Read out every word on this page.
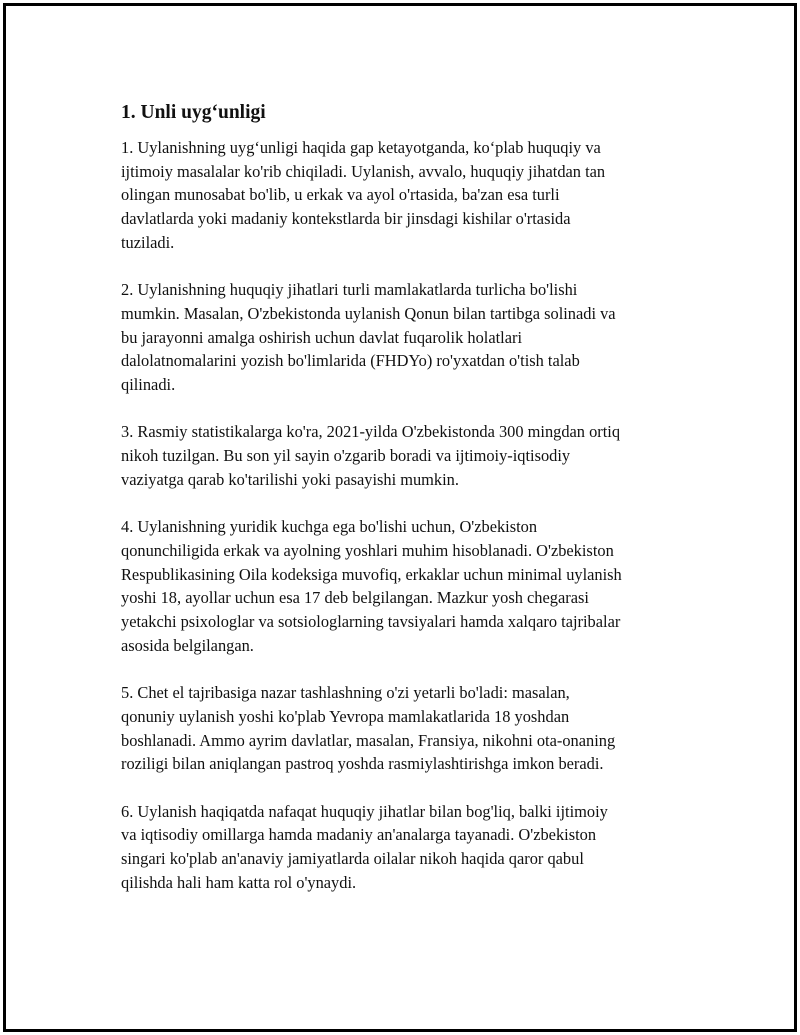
1. Unli uyg‘unligi

1. Uylanishning uyg‘unligi haqida gap ketayotganda, ko‘plab huquqiy va
ijtimoiy masalalar ko'rib chiqiladi. Uylanish, avvalo, huquqiy jihatdan tan
olingan munosabat bo'lib, u erkak va ayol o'rtasida, ba'zan esa turli
davlatlarda yoki madaniy kontekstlarda bir jinsdagi kishilar o'rtasida
tuziladi.

2. Uylanishning huquqiy jihatlari turli mamlakatlarda turlicha bo'lishi
mumkin. Masalan, O'zbekistonda uylanish Qonun bilan tartibga solinadi va
bu jarayonni amalga oshirish uchun davlat fuqarolik holatlari
dalolatnomalarini yozish bo'limlarida (FHDYo) ro'yxatdan o'tish talab
qilinadi.

3. Rasmiy statistikalarga ko'ra, 2021-yilda O'zbekistonda 300 mingdan ortiq
nikoh tuzilgan. Bu son yil sayin o'zgarib boradi va ijtimoiy-iqtisodiy
vaziyatga qarab ko'tarilishi yoki pasayishi mumkin.

4. Uylanishning yuridik kuchga ega bo'lishi uchun, O'zbekiston
qonunchiligida erkak va ayolning yoshlari muhim hisoblanadi. O'zbekiston
Respublikasining Oila kodeksiga muvofiq, erkaklar uchun minimal uylanish
yoshi 18, ayollar uchun esa 17 deb belgilangan. Mazkur yosh chegarasi
yetakchi psixologlar va sotsiologlarning tavsiyalari hamda xalqaro tajribalar
asosida belgilangan.

5. Chet el tajribasiga nazar tashlashning o'zi yetarli bo'ladi: masalan,
qonuniy uylanish yoshi ko'plab Yevropa mamlakatlarida 18 yoshdan
boshlanadi. Ammo ayrim davlatlar, masalan, Fransiya, nikohni ota-onaning
roziligi bilan aniqlangan pastroq yoshda rasmiylashtirishga imkon beradi.

6. Uylanish haqiqatda nafaqat huquqiy jihatlar bilan bog'liq, balki ijtimoiy
va iqtisodiy omillarga hamda madaniy an'analarga tayanadi. O'zbekiston
singari ko'plab an'anaviy jamiyatlarda oilalar nikoh haqida qaror qabul
qilishda hali ham katta rol o'ynaydi.
